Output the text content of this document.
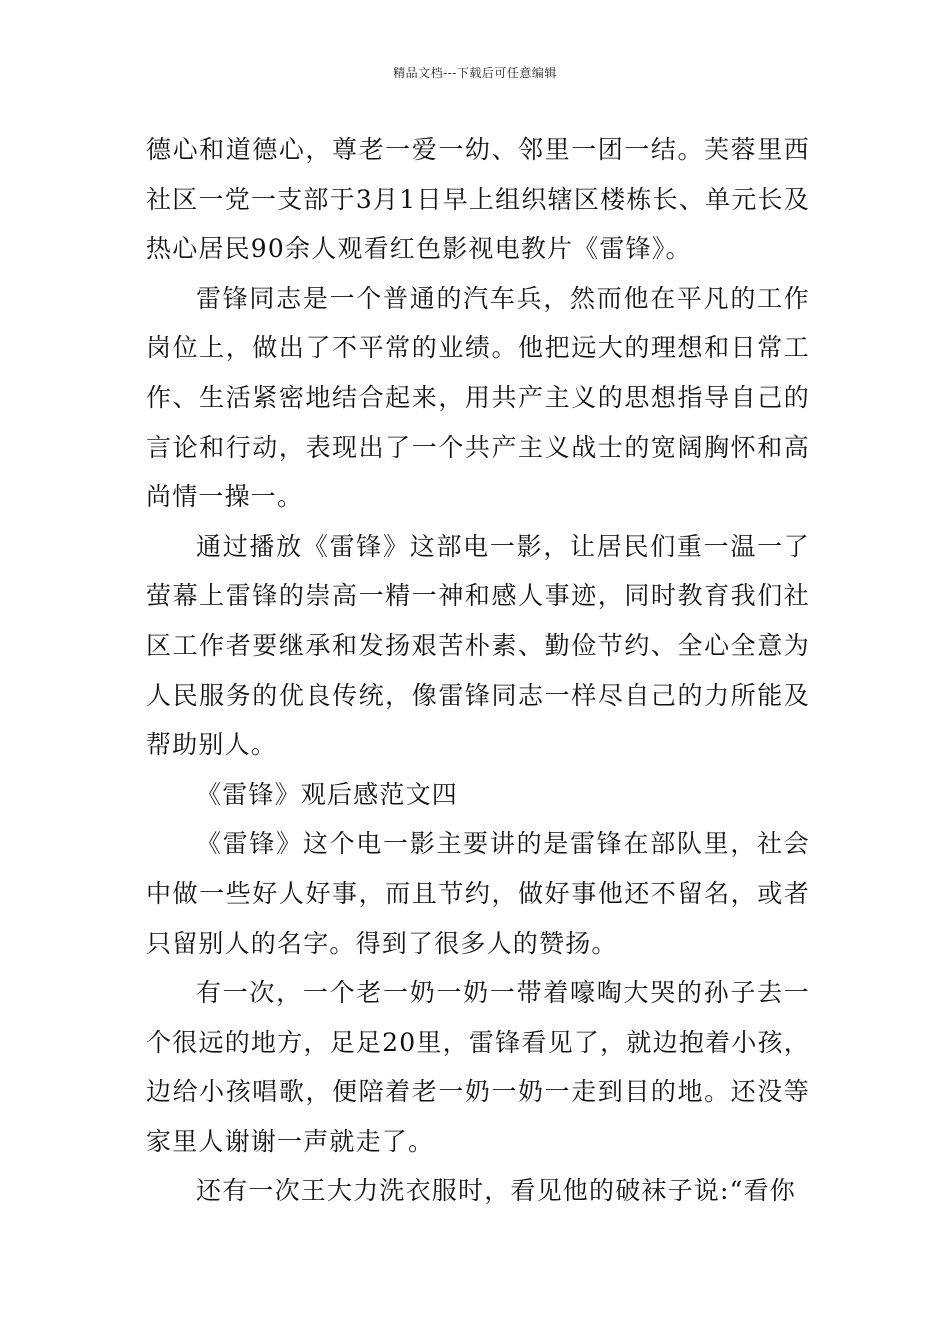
精品文档---下载后可任意编辑

德心和道德心，尊老一爱一幼、邻里一团一结。芙蓉里西社区一党一支部于3月1日早上组织辖区楼栋长、单元长及热心居民90余人观看红色影视电教片《雷锋》。

雷锋同志是一个普通的汽车兵，然而他在平凡的工作岗位上，做出了不平常的业绩。他把远大的理想和日常工作、生活紧密地结合起来，用共产主义的思想指导自己的言论和行动，表现出了一个共产主义战士的宽阔胸怀和高尚情一操一。

通过播放《雷锋》这部电一影，让居民们重一温一了萤幕上雷锋的崇高一精一神和感人事迹，同时教育我们社区工作者要继承和发扬艰苦朴素、勤俭节约、全心全意为人民服务的优良传统，像雷锋同志一样尽自己的力所能及帮助别人。

《雷锋》观后感范文四

《雷锋》这个电一影主要讲的是雷锋在部队里，社会中做一些好人好事，而且节约，做好事他还不留名，或者只留别人的名字。得到了很多人的赞扬。

有一次，一个老一奶一奶一带着嚎啕大哭的孙子去一个很远的地方，足足20里，雷锋看见了，就边抱着小孩，边给小孩唱歌，便陪着老一奶一奶一走到目的地。还没等家里人谢谢一声就走了。

还有一次王大力洗衣服时，看见他的破袜子说:“看你
